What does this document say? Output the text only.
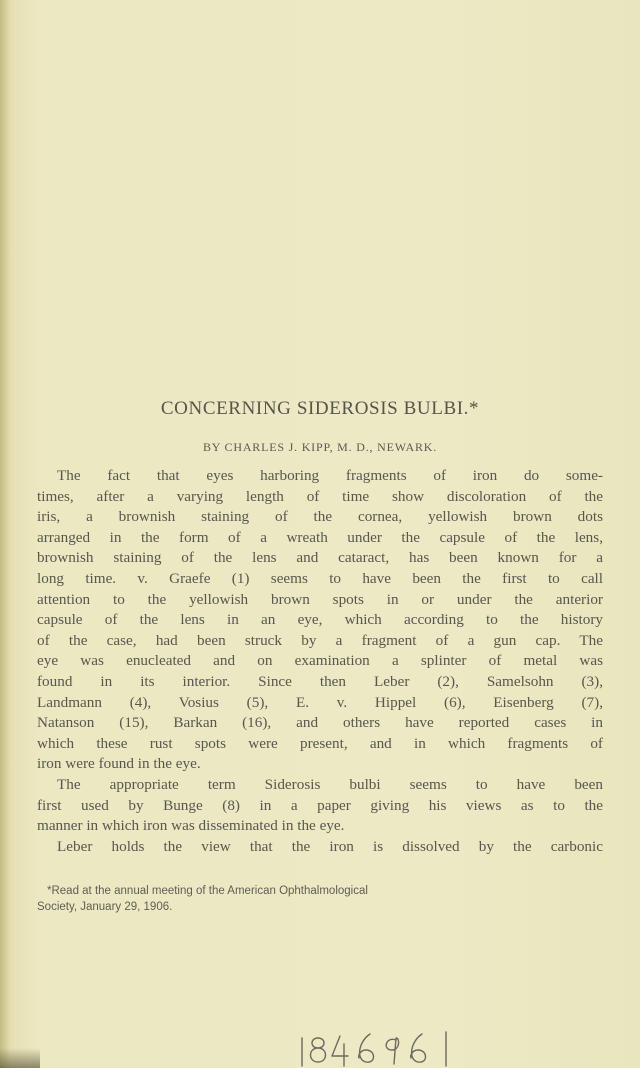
CONCERNING SIDEROSIS BULBI.*
BY CHARLES J. KIPP, M. D., NEWARK.
The fact that eyes harboring fragments of iron do some-
times, after a varying length of time show discoloration of the
iris, a brownish staining of the cornea, yellowish brown dots
arranged in the form of a wreath under the capsule of the lens,
brownish staining of the lens and cataract, has been known for a
long time. v. Graefe (1) seems to have been the first to call
attention to the yellowish brown spots in or under the anterior
capsule of the lens in an eye, which according to the history
of the case, had been struck by a fragment of a gun cap. The
eye was enucleated and on examination a splinter of metal was
found in its interior. Since then Leber (2), Samelsohn (3),
Landmann (4), Vosius (5), E. v. Hippel (6), Eisenberg (7),
Natanson (15), Barkan (16), and others have reported cases in
which these rust spots were present, and in which fragments of
iron were found in the eye.
The appropriate term Siderosis bulbi seems to have been
first used by Bunge (8) in a paper giving his views as to the
manner in which iron was disseminated in the eye.
Leber holds the view that the iron is dissolved by the carbonic
*Read at the annual meeting of the American Ophthalmological
Society, January 29, 1906.
